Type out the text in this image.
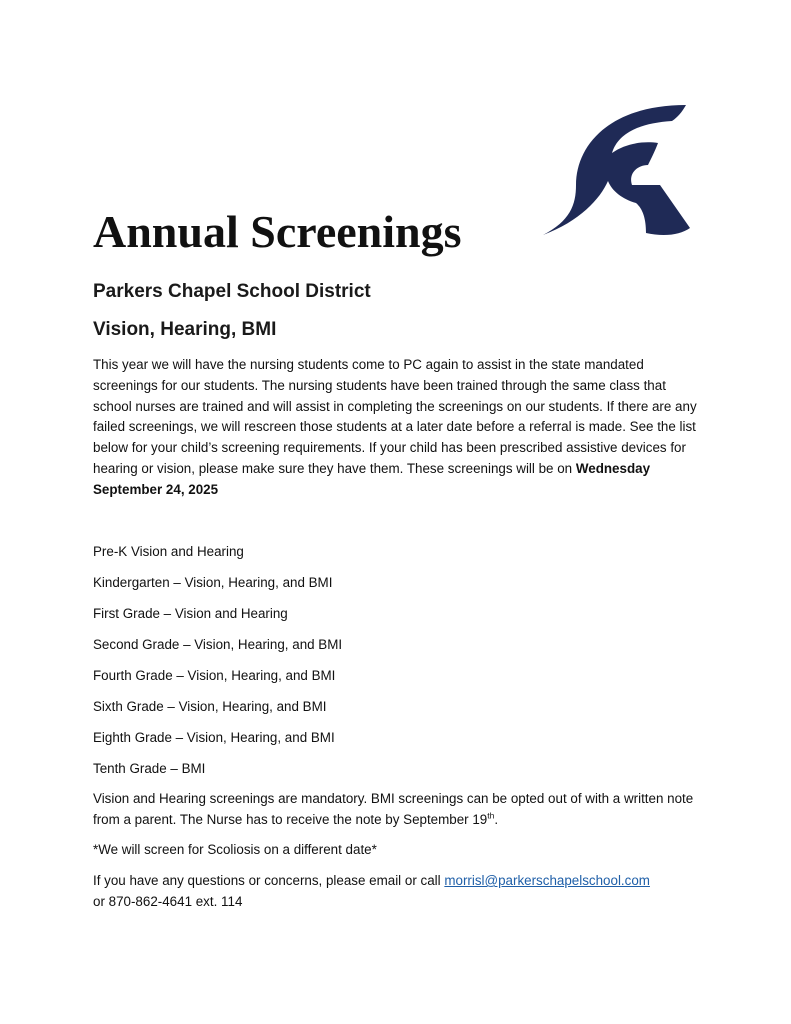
Annual Screenings
Parkers Chapel School District
Vision, Hearing, BMI

This year we will have the nursing students come to PC again to assist in the state mandated screenings for our students. The nursing students have been trained through the same class that school nurses are trained and will assist in completing the screenings on our students. If there are any failed screenings, we will rescreen those students at a later date before a referral is made. See the list below for your child’s screening requirements. If your child has been prescribed assistive devices for hearing or vision, please make sure they have them. These screenings will be on Wednesday September 24, 2025

Pre-K Vision and Hearing
Kindergarten – Vision, Hearing, and BMI
First Grade – Vision and Hearing
Second Grade – Vision, Hearing, and BMI
Fourth Grade – Vision, Hearing, and BMI
Sixth Grade – Vision, Hearing, and BMI
Eighth Grade – Vision, Hearing, and BMI
Tenth Grade – BMI

Vision and Hearing screenings are mandatory. BMI screenings can be opted out of with a written note from a parent. The Nurse has to receive the note by September 19th.

*We will screen for Scoliosis on a different date*

If you have any questions or concerns, please email or call morrisl@parkerschapelschool.com
or 870-862-4641 ext. 114
